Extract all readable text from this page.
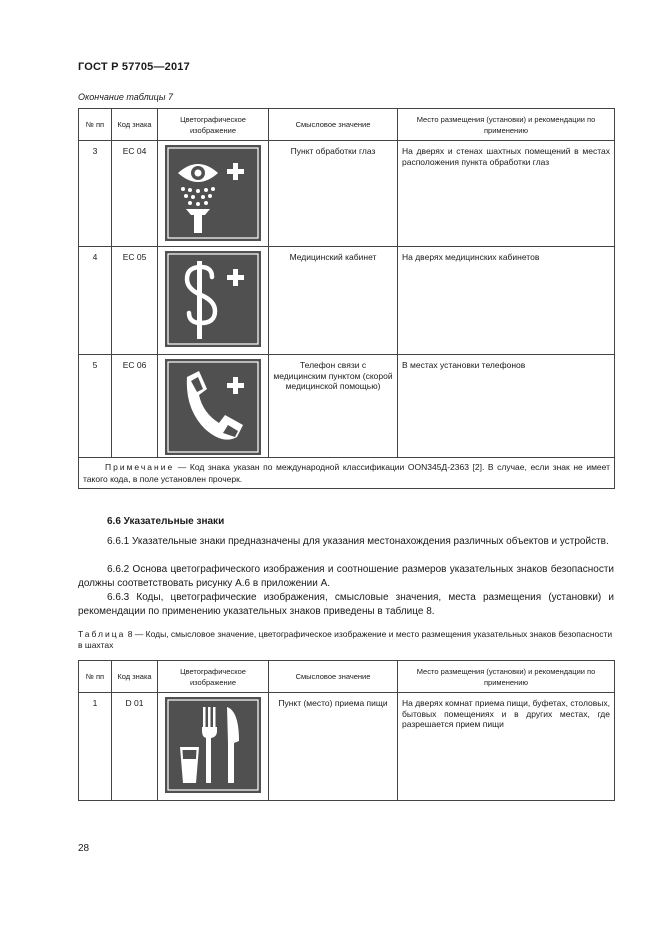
ГОСТ Р 57705—2017
Окончание таблицы 7
№ пп	Код знака	Цветографическое изображение	Смысловое значение	Место размещения (установки) и рекомендации по применению
3	ЕС 04		Пункт обработки глаз	На дверях и стенах шахтных помещений в местах расположения пункта обработки глаз
4	ЕС 05		Медицинский кабинет	На дверях медицинских кабинетов
5	ЕС 06		Телефон связи с медицинским пунктом (скорой медицинской помощью)	В местах установки телефонов
Примечание — Код знака указан по международной классификации ООN345Д-2363 [2]. В случае, если знак не имеет такого кода, в поле установлен прочерк.				
6.6 Указательные знаки
6.6.1 Указательные знаки предназначены для указания местонахождения различных объектов и устройств.
6.6.2 Основа цветографического изображения и соотношение размеров указательных знаков безопасности должны соответствовать рисунку А.6 в приложении А.
6.6.3 Коды, цветографические изображения, смысловые значения, места размещения (установки) и рекомендации по применению указательных знаков приведены в таблице 8.
Таблица 8 — Коды, смысловое значение, цветографическое изображение и место размещения указательных знаков безопасности в шахтах
№ пп	Код знака	Цветографическое изображение	Смысловое значение	Место размещения (установки) и рекомендации по применению
1	D 01		Пункт (место) приема пищи	На дверях комнат приема пищи, буфетах, столовых, бытовых помещениях и в других местах, где разрешается прием пищи
28
